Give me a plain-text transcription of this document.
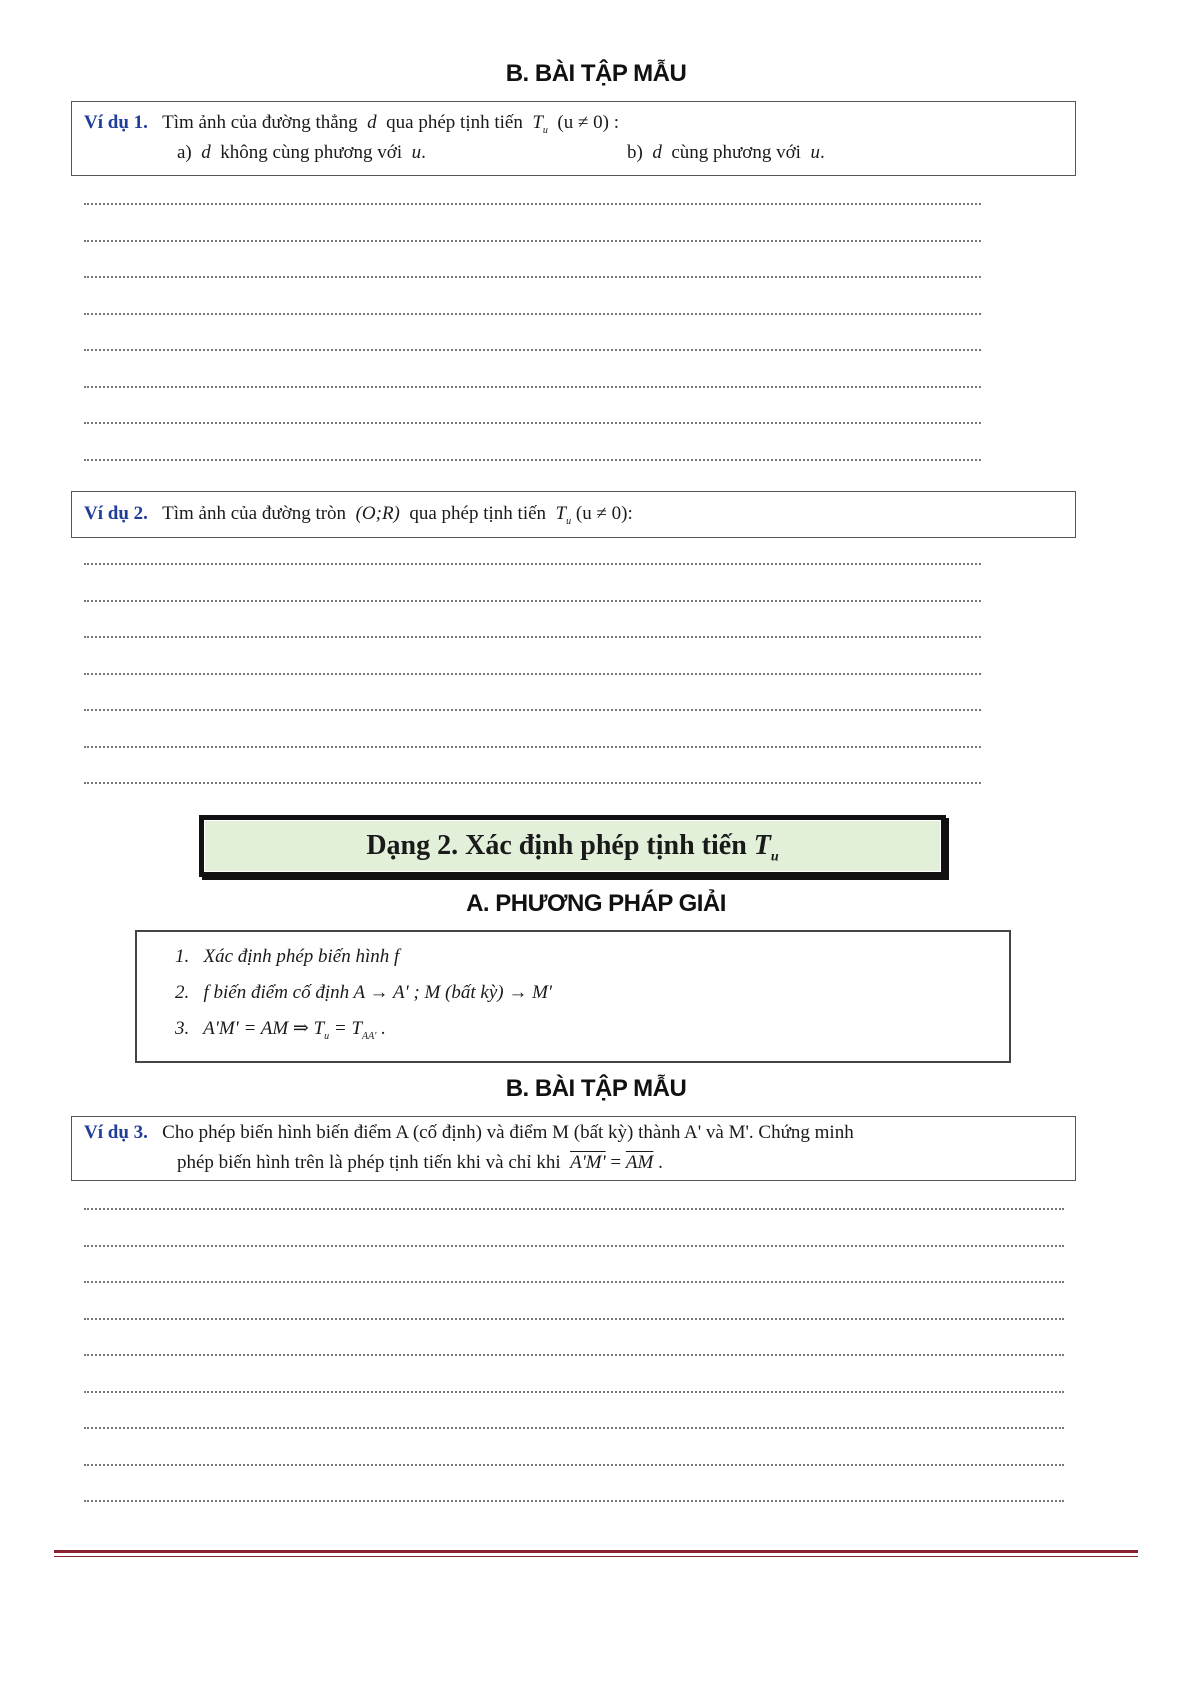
B. BÀI TẬP MẪU
Ví dụ 1. Tìm ảnh của đường thẳng d qua phép tịnh tiến $T_u$ (u ≠ 0) :
a) d không cùng phương với u.	b) d cùng phương với u.
Ví dụ 2. Tìm ảnh của đường tròn (O;R) qua phép tịnh tiến $T_u$ (u ≠ 0):
Dạng 2. Xác định phép tịnh tiến $T_u$
A. PHƯƠNG PHÁP GIẢI
1. Xác định phép biến hình f
2. f biến điểm cố định A → A' ; M (bất kỳ) → M'
3. A'M' = AM ⇒ $T_u = T_{AA'}$ .
B. BÀI TẬP MẪU
Ví dụ 3. Cho phép biến hình biến điểm A (cố định) và điểm M (bất kỳ) thành A' và M'. Chứng minh
phép biến hình trên là phép tịnh tiến khi và chỉ khi $A'M' = \overline{AM}$ .
